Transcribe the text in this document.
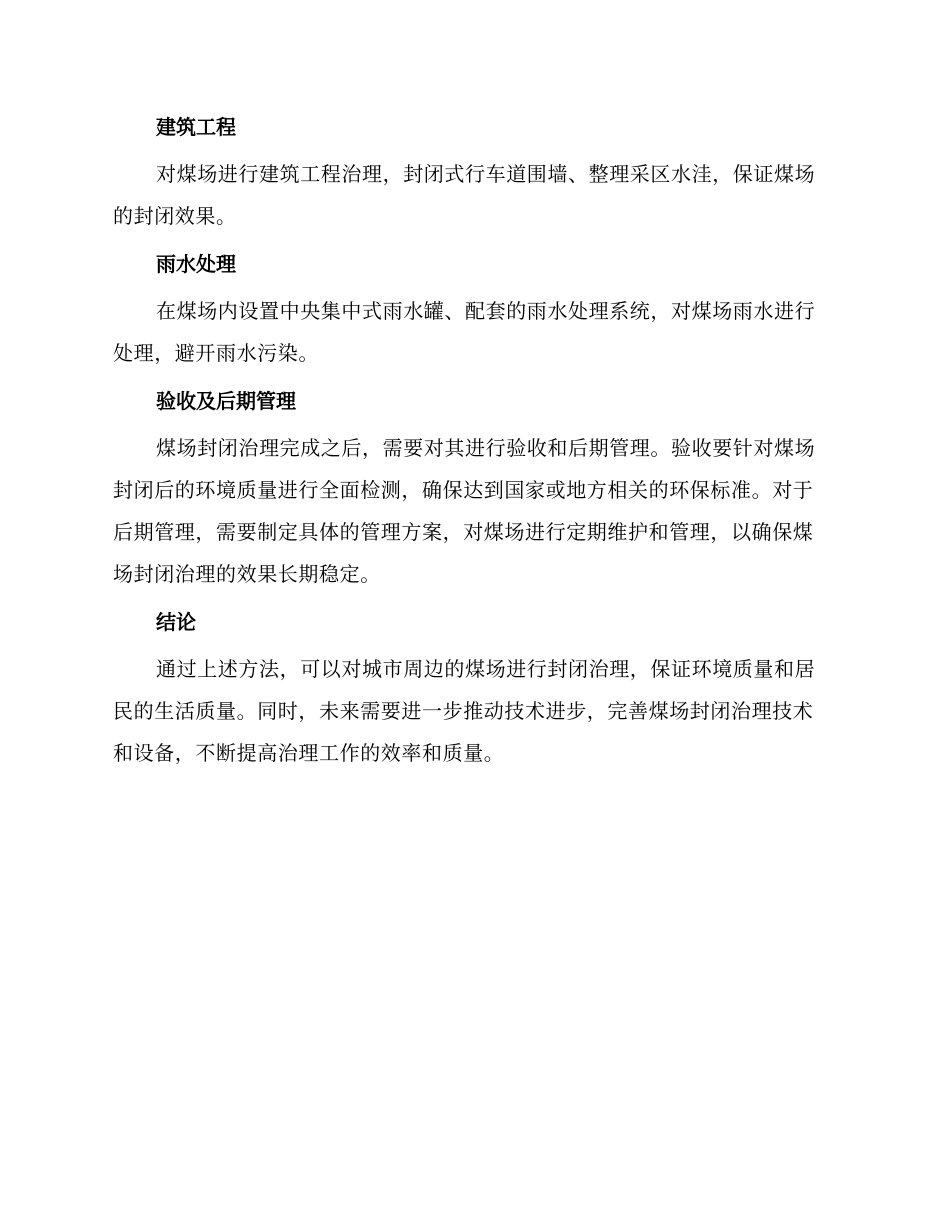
建筑工程

对煤场进行建筑工程治理，封闭式行车道围墙、整理采区水洼，保证煤场的封闭效果。

雨水处理

在煤场内设置中央集中式雨水罐、配套的雨水处理系统，对煤场雨水进行处理，避开雨水污染。

验收及后期管理

煤场封闭治理完成之后，需要对其进行验收和后期管理。验收要针对煤场封闭后的环境质量进行全面检测，确保达到国家或地方相关的环保标准。对于后期管理，需要制定具体的管理方案，对煤场进行定期维护和管理，以确保煤场封闭治理的效果长期稳定。

结论

通过上述方法，可以对城市周边的煤场进行封闭治理，保证环境质量和居民的生活质量。同时，未来需要进一步推动技术进步，完善煤场封闭治理技术和设备，不断提高治理工作的效率和质量。
